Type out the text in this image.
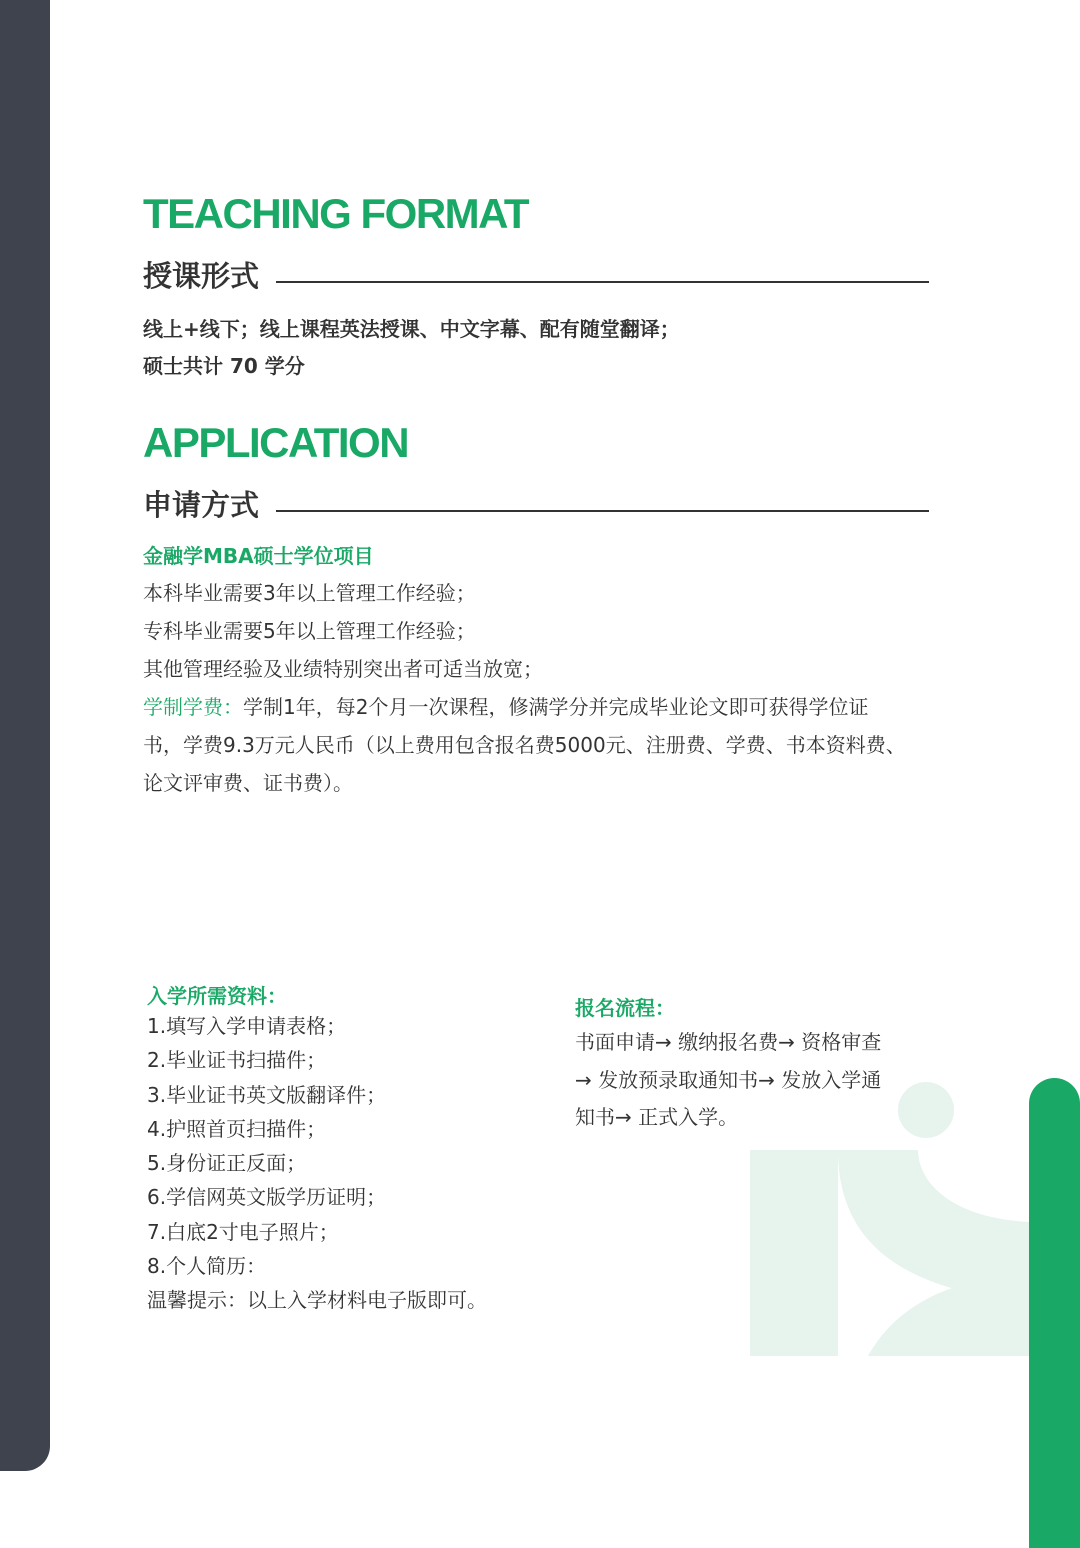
TEACHING FORMAT
授课形式

线上+线下；线上课程英法授课、中文字幕、配有随堂翻译；

硕士共计 70 学分

APPLICATION
申请方式

金融学MBA硕士学位项目

本科毕业需要3年以上管理工作经验；

专科毕业需要5年以上管理工作经验；

其他管理经验及业绩特别突出者可适当放宽；

学制学费：学制1年，每2个月一次课程，修满学分并完成毕业论文即可获得学位证

书，学费9.3万元人民币（以上费用包含报名费5000元、注册费、学费、书本资料费、

论文评审费、证书费）。

入学所需资料：
1.填写入学申请表格；
2.毕业证书扫描件；
3.毕业证书英文版翻译件；
4.护照首页扫描件；
5.身份证正反面；
6.学信网英文版学历证明；
7.白底2寸电子照片；
8.个人简历：
温馨提示：以上入学材料电子版即可。
报名流程：
书面申请→ 缴纳报名费→ 资格审查
→ 发放预录取通知书→ 发放入学通
知书→ 正式入学。
